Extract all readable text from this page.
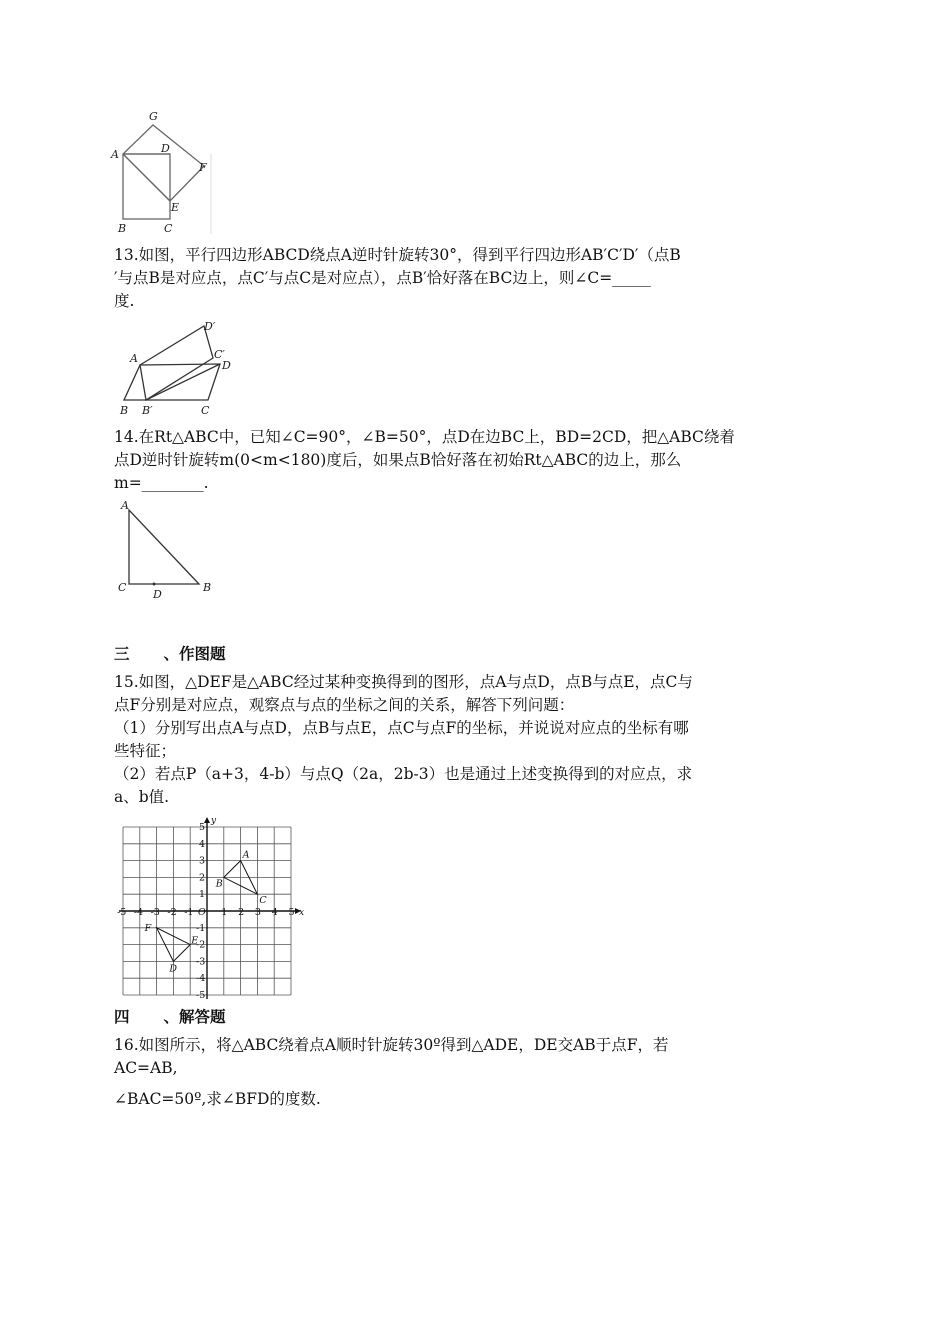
G
A	D
F
E
B	C
13.如图，平行四边形ABCD绕点A逆时针旋转30°，得到平行四边形AB′C′D′（点B
′与点B是对应点，点C′与点C是对应点），点B′恰好落在BC边上，则∠C=_____
度.
A
B B′	C
D
C′
D′
14.在Rt△ABC中，已知∠C=90°，∠B=50°，点D在边BC上，BD=2CD，把△ABC绕着
点D逆时针旋转m(0<m<180)度后，如果点B恰好落在初始Rt△ABC的边上，那么
m=________.
A
C
D
B
三 、作图题
15.如图，△DEF是△ABC经过某种变换得到的图形，点A与点D，点B与点E，点C与
点F分别是对应点，观察点与点的坐标之间的关系，解答下列问题：
（1）分别写出点A与点D，点B与点E，点C与点F的坐标，并说说对应点的坐标有哪
些特征；
（2）若点P（a+3，4-b）与点Q（2a，2b-3）也是通过上述变换得到的对应点，求
a、b值.
-5 -4 -3 -2 -1	1 2 3 4 5
5
4
3
2
1
-1
-2
-3
-4
-5
O	x
y
A
B
C
D
E
F
四 、解答题
16.如图所示，将△ABC绕着点A顺时针旋转30º得到△ADE，DE交AB于点F，若
AC=AB,
∠BAC=50º,求∠BFD的度数.
